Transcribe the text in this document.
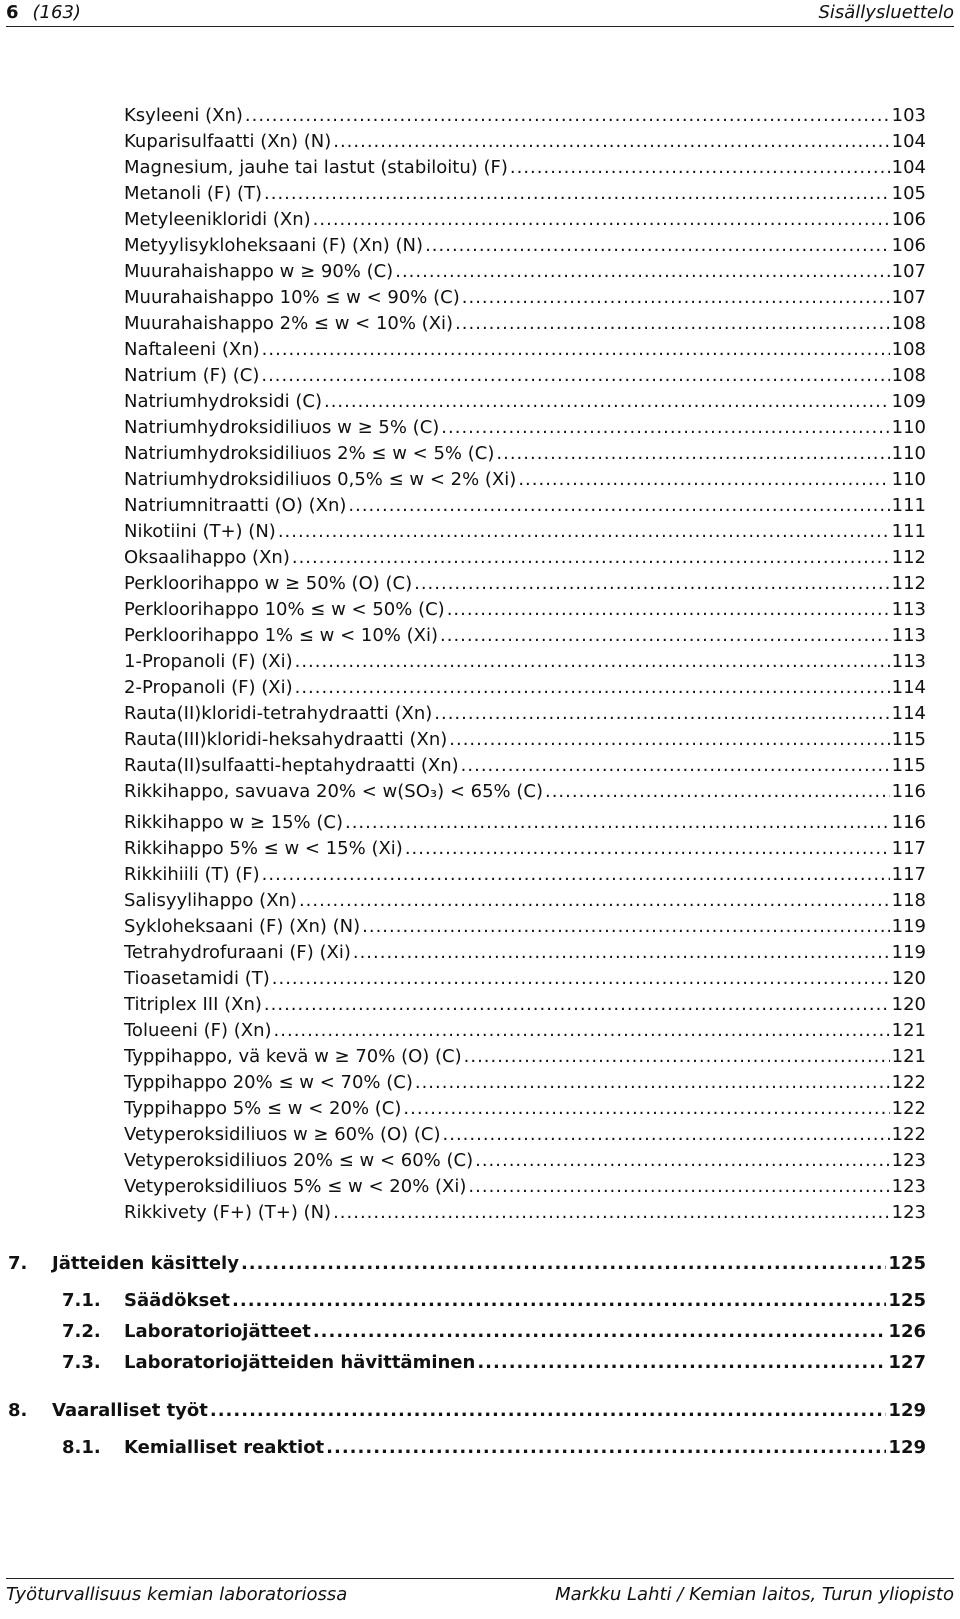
6 (163)	Sisällysluettelo
Ksyleeni (Xn) .....	103
Kuparisulfaatti (Xn) (N) .....	104
Magnesium, jauhe tai lastut (stabiloitu) (F) .....	104
Metanoli (F) (T) .....	105
Metyleenikloridi (Xn) .....	106
Metyylisykloheksaani (F) (Xn) (N) .....	106
Muurahaishappo w ≥ 90% (C) .....	107
Muurahaishappo 10% ≤ w < 90% (C) .....	107
Muurahaishappo 2% ≤ w < 10% (Xi) .....	108
Naftaleeni (Xn) .....	108
Natrium (F) (C) .....	108
Natriumhydroksidi (C) .....	109
Natriumhydroksidiliuos w ≥ 5% (C) .....	110
Natriumhydroksidiliuos 2% ≤ w < 5% (C) .....	110
Natriumhydroksidiliuos 0,5% ≤ w < 2% (Xi) .....	110
Natriumnitraatti (O) (Xn) .....	111
Nikotiini (T+) (N) .....	111
Oksaalihappo (Xn) .....	112
Perkloorihappo w ≥ 50% (O) (C) .....	112
Perkloorihappo 10% ≤ w < 50% (C) .....	113
Perkloorihappo 1% ≤ w < 10% (Xi) .....	113
1-Propanoli (F) (Xi) .....	113
2-Propanoli (F) (Xi) .....	114
Rauta(II)kloridi-tetrahydraatti (Xn) .....	114
Rauta(III)kloridi-heksahydraatti (Xn) .....	115
Rauta(II)sulfaatti-heptahydraatti (Xn) .....	115
Rikkihappo, savuava 20% < w(SO₃) < 65% (C) .....	116
Rikkihappo w ≥ 15% (C) .....	116
Rikkihappo 5% ≤ w < 15% (Xi) .....	117
Rikkihiili (T) (F) .....	117
Salisyylihappo (Xn) .....	118
Sykloheksaani (F) (Xn) (N) .....	119
Tetrahydrofuraani (F) (Xi) .....	119
Tioasetamidi (T) .....	120
Titriplex III (Xn) .....	120
Tolueeni (F) (Xn) .....	121
Typpihappo, vä kevä w ≥ 70% (O) (C) .....	121
Typpihappo 20% ≤ w < 70% (C) .....	122
Typpihappo 5% ≤ w < 20% (C) .....	122
Vetyperoksidiliuos w ≥ 60% (O) (C) .....	122
Vetyperoksidiliuos 20% ≤ w < 60% (C) .....	123
Vetyperoksidiliuos 5% ≤ w < 20% (Xi) .....	123
Rikkivety (F+) (T+) (N) .....	123
7. Jätteiden käsittely .....	125
7.1. Säädökset .....	125
7.2. Laboratoriojätteet .....	126
7.3. Laboratoriojätteiden hävittäminen .....	127
8. Vaaralliset työt .....	129
8.1. Kemialliset reaktiot .....	129
Työturvallisuus kemian laboratoriossa	Markku Lahti / Kemian laitos, Turun yliopisto
